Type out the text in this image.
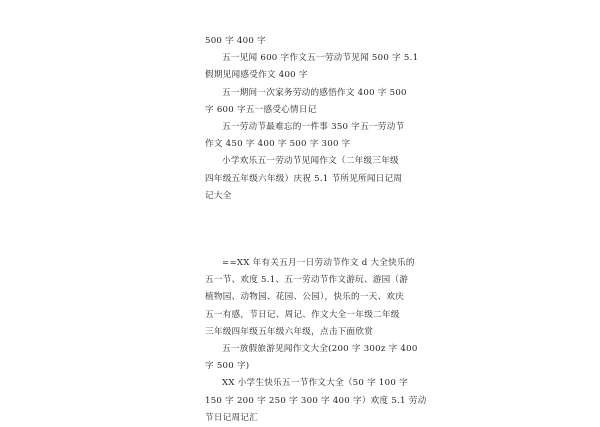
500 字 400 字
五一见闻 600 字作文五一劳动节见闻 500 字 5.1
假期见闻感受作文 400 字
五一期间一次家务劳动的感悟作文 400 字 500
字 600 字五一感受心情日记
五一劳动节最难忘的一件事 350 字五一劳动节
作文 450 字 400 字 500 字 300 字
小学欢乐五一劳动节见闻作文（二年级三年级
四年级五年级六年级）庆祝 5.1 节所见所闻日记周
记大全
==XX 年有关五月一日劳动节作文 d 大全快乐的
五一节、欢度 5.1、五一劳动节作文游玩、游园（游
植物园、动物园、花园、公园），快乐的一天、欢庆
五一有感，节日记、周记、作文大全一年级二年级
三年级四年级五年级六年级，点击下面欣赏
五一放假旅游见闻作文大全(200 字 300z 字 400
字 500 字)
XX 小学生快乐五一节作文大全（50 字 100 字
150 字 200 字 250 字 300 字 400 字）欢度 5.1 劳动
节日记周记汇
